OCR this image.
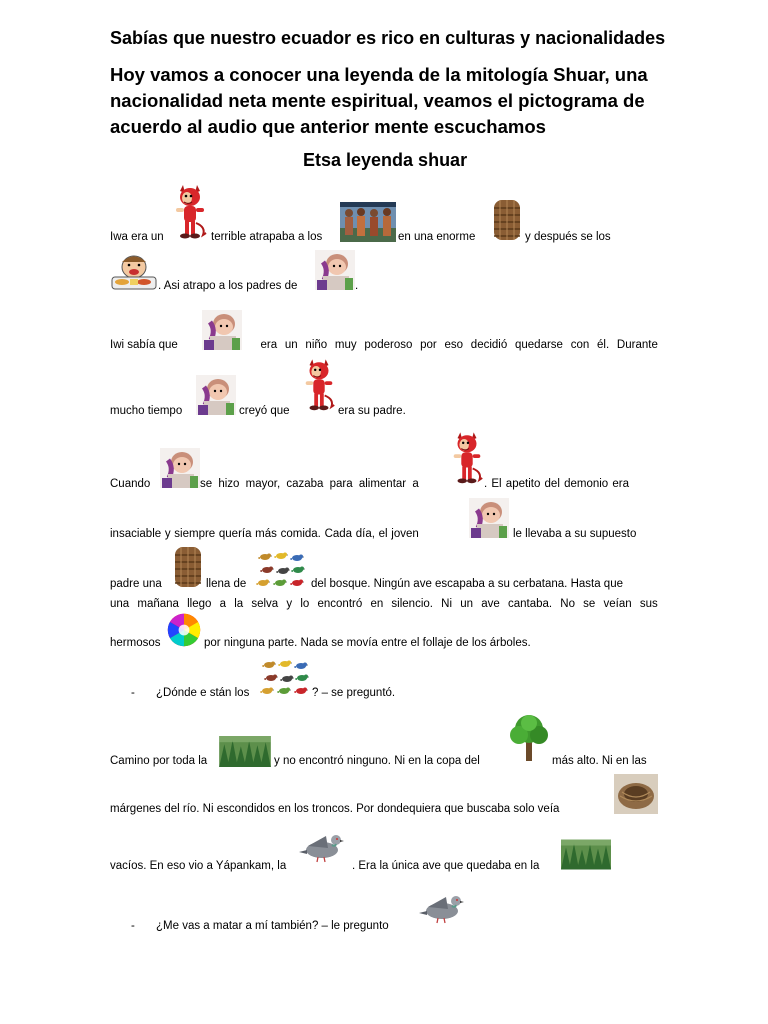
Sabías que nuestro ecuador es rico en culturas y nacionalidades
Hoy vamos a conocer una leyenda de la mitología Shuar, una
nacionalidad neta mente espiritual, veamos el pictograma de
acuerdo al audio que anterior mente escuchamos
Etsa leyenda shuar
Iwa era un	terrible atrapaba a los	en una enorme	y después se los
. Asi atrapo a los padres de	.
Iwi sabía que	era un niño muy poderoso por eso decidió quedarse con él. Durante
mucho tiempo	creyó que	era su padre.
Cuando	se hizo mayor, cazaba para alimentar a	. El apetito del demonio era
insaciable y siempre quería más comida. Cada día, el joven	le llevaba a su supuesto
padre una	llena de	del bosque. Ningún ave escapaba a su cerbatana. Hasta que
una mañana llego a la selva y lo encontró en silencio. Ni un ave cantaba. No se veían sus
hermosos	por ninguna parte. Nada se movía entre el follaje de los árboles.
- ¿Dónde e stán los	? – se preguntó.
Camino por toda la	y no encontró ninguno. Ni en la copa del	más alto. Ni en las
márgenes del río. Ni escondidos en los troncos. Por dondequiera que buscaba solo veía
vacíos. En eso vio a Yápankam, la	. Era la única ave que quedaba en la
- ¿Me vas a matar a mí también? – le pregunto
